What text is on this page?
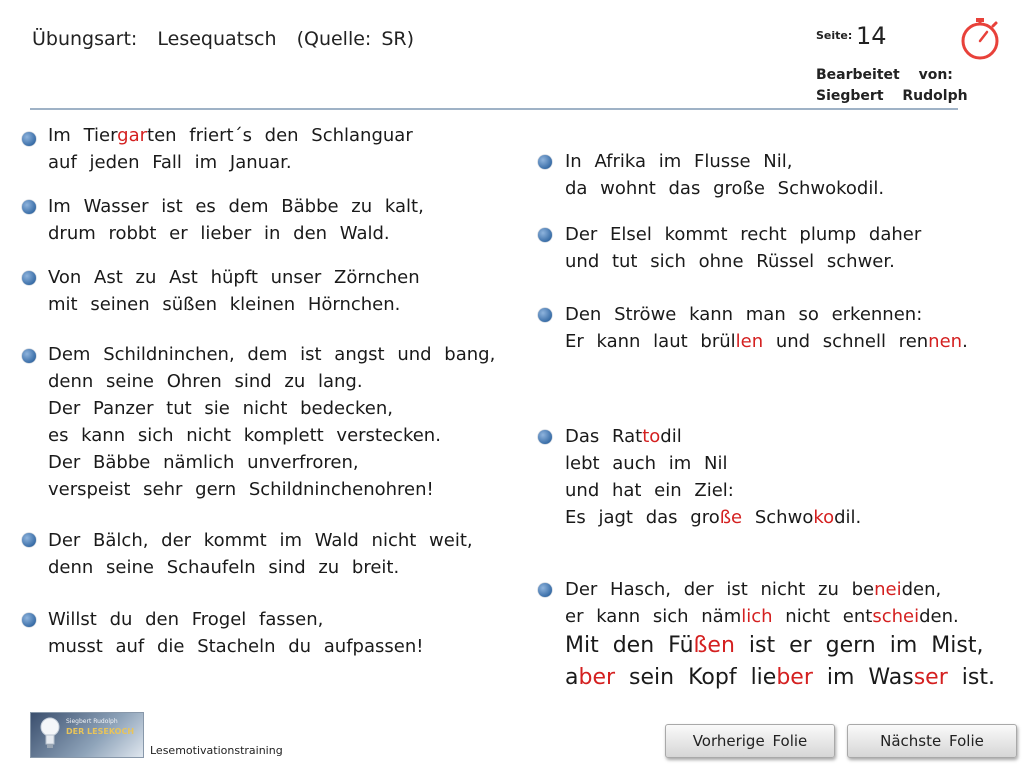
Übungsart:  Lesequatsch  (Quelle: SR)	Seite: 14
Bearbeitet von:
Siegbert Rudolph
Im Tiergarten friert´s den Schlanguar
auf jeden Fall im Januar.
Im Wasser ist es dem Bäbbe zu kalt,
drum robbt er lieber in den Wald.
Von Ast zu Ast hüpft unser Zörnchen
mit seinen süßen kleinen Hörnchen.
Dem Schildninchen, dem ist angst und bang,
denn seine Ohren sind zu lang.
Der Panzer tut sie nicht bedecken,
es kann sich nicht komplett verstecken.
Der Bäbbe nämlich unverfroren,
verspeist sehr gern Schildninchenohren!
Der Bälch, der kommt im Wald nicht weit,
denn seine Schaufeln sind zu breit.
Willst du den Frogel fassen,
musst auf die Stacheln du aufpassen!
In Afrika im Flusse Nil,
da wohnt das große Schwokodil.
Der Elsel kommt recht plump daher
und tut sich ohne Rüssel schwer.
Den Ströwe kann man so erkennen:
Er kann laut brüllen und schnell rennen.
Das Rattodil
lebt auch im Nil
und hat ein Ziel:
Es jagt das große Schwokodil.
Der Hasch, der ist nicht zu beneiden,
er kann sich nämlich nicht entscheiden.
Mit den Füßen ist er gern im Mist,
aber sein Kopf lieber im Wasser ist.
Siegbert Rudolph
DER LESEKOCH
Lesemotivationstraining
Vorherige Folie	Nächste Folie
